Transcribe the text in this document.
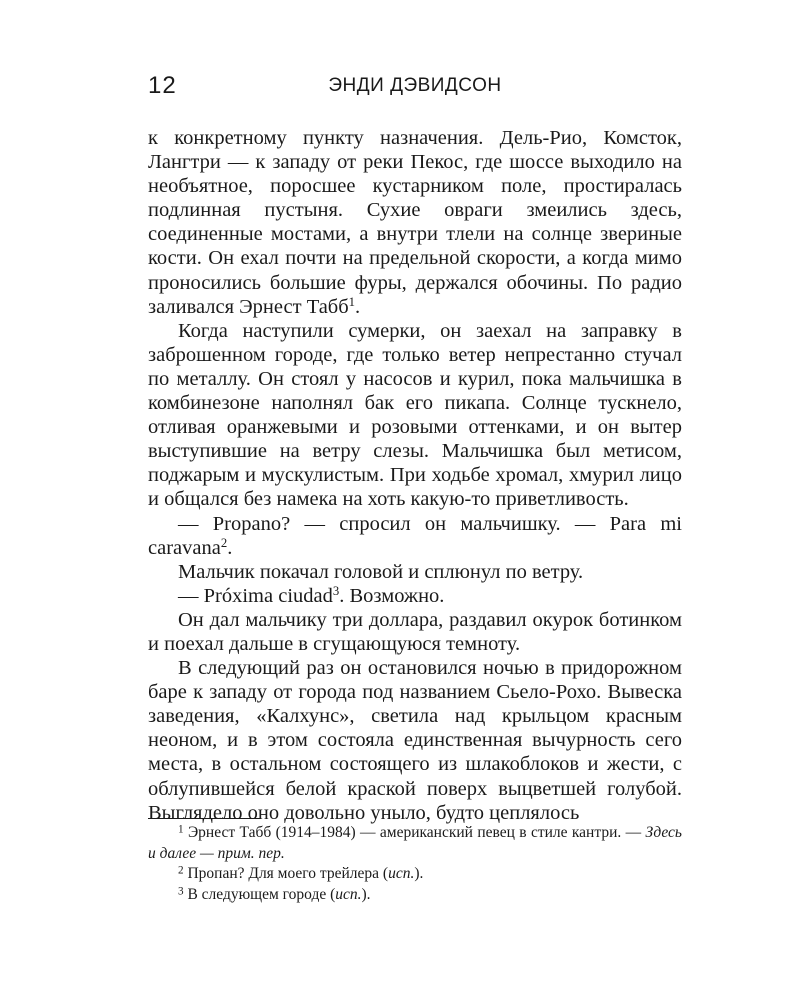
12	ЭНДИ ДЭВИДСОН

к конкретному пункту назначения. Дель-Рио, Комсток, Лангтри — к западу от реки Пекос, где шоссе выходило на необъятное, поросшее кустарником поле, простиралась подлинная пустыня. Сухие овраги змеились здесь, соединенные мостами, а внутри тлели на солнце звериные кости. Он ехал почти на предельной скорости, а когда мимо проносились большие фуры, держался обочины. По радио заливался Эрнест Табб$^1$.

Когда наступили сумерки, он заехал на заправку в заброшенном городе, где только ветер непрестанно стучал по металлу. Он стоял у насосов и курил, пока мальчишка в комбинезоне наполнял бак его пикапа. Солнце тускнело, отливая оранжевыми и розовыми оттенками, и он вытер выступившие на ветру слезы. Мальчишка был метисом, поджарым и мускулистым. При ходьбе хромал, хмурил лицо и общался без намека на хоть какую-то приветливость.

— Propano? — спросил он мальчишку. — Para mi caravana$^2$.

Мальчик покачал головой и сплюнул по ветру.

— Próxima ciudad$^3$. Возможно.

Он дал мальчику три доллара, раздавил окурок ботинком и поехал дальше в сгущающуюся темноту.

В следующий раз он остановился ночью в придорожном баре к западу от города под названием Сьело-Рохо. Вывеска заведения, «Калхунс», светила над крыльцом красным неоном, и в этом состояла единственная вычурность сего места, в остальном состоящего из шлакоблоков и жести, с облупившейся белой краской поверх выцветшей голубой. Выглядело оно довольно уныло, будто цеплялось

$^1$ Эрнест Табб (1914–1984) — американский певец в стиле кантри. — Здесь и далее — прим. пер.

$^2$ Пропан? Для моего трейлера (исп.).

$^3$ В следующем городе (исп.).
